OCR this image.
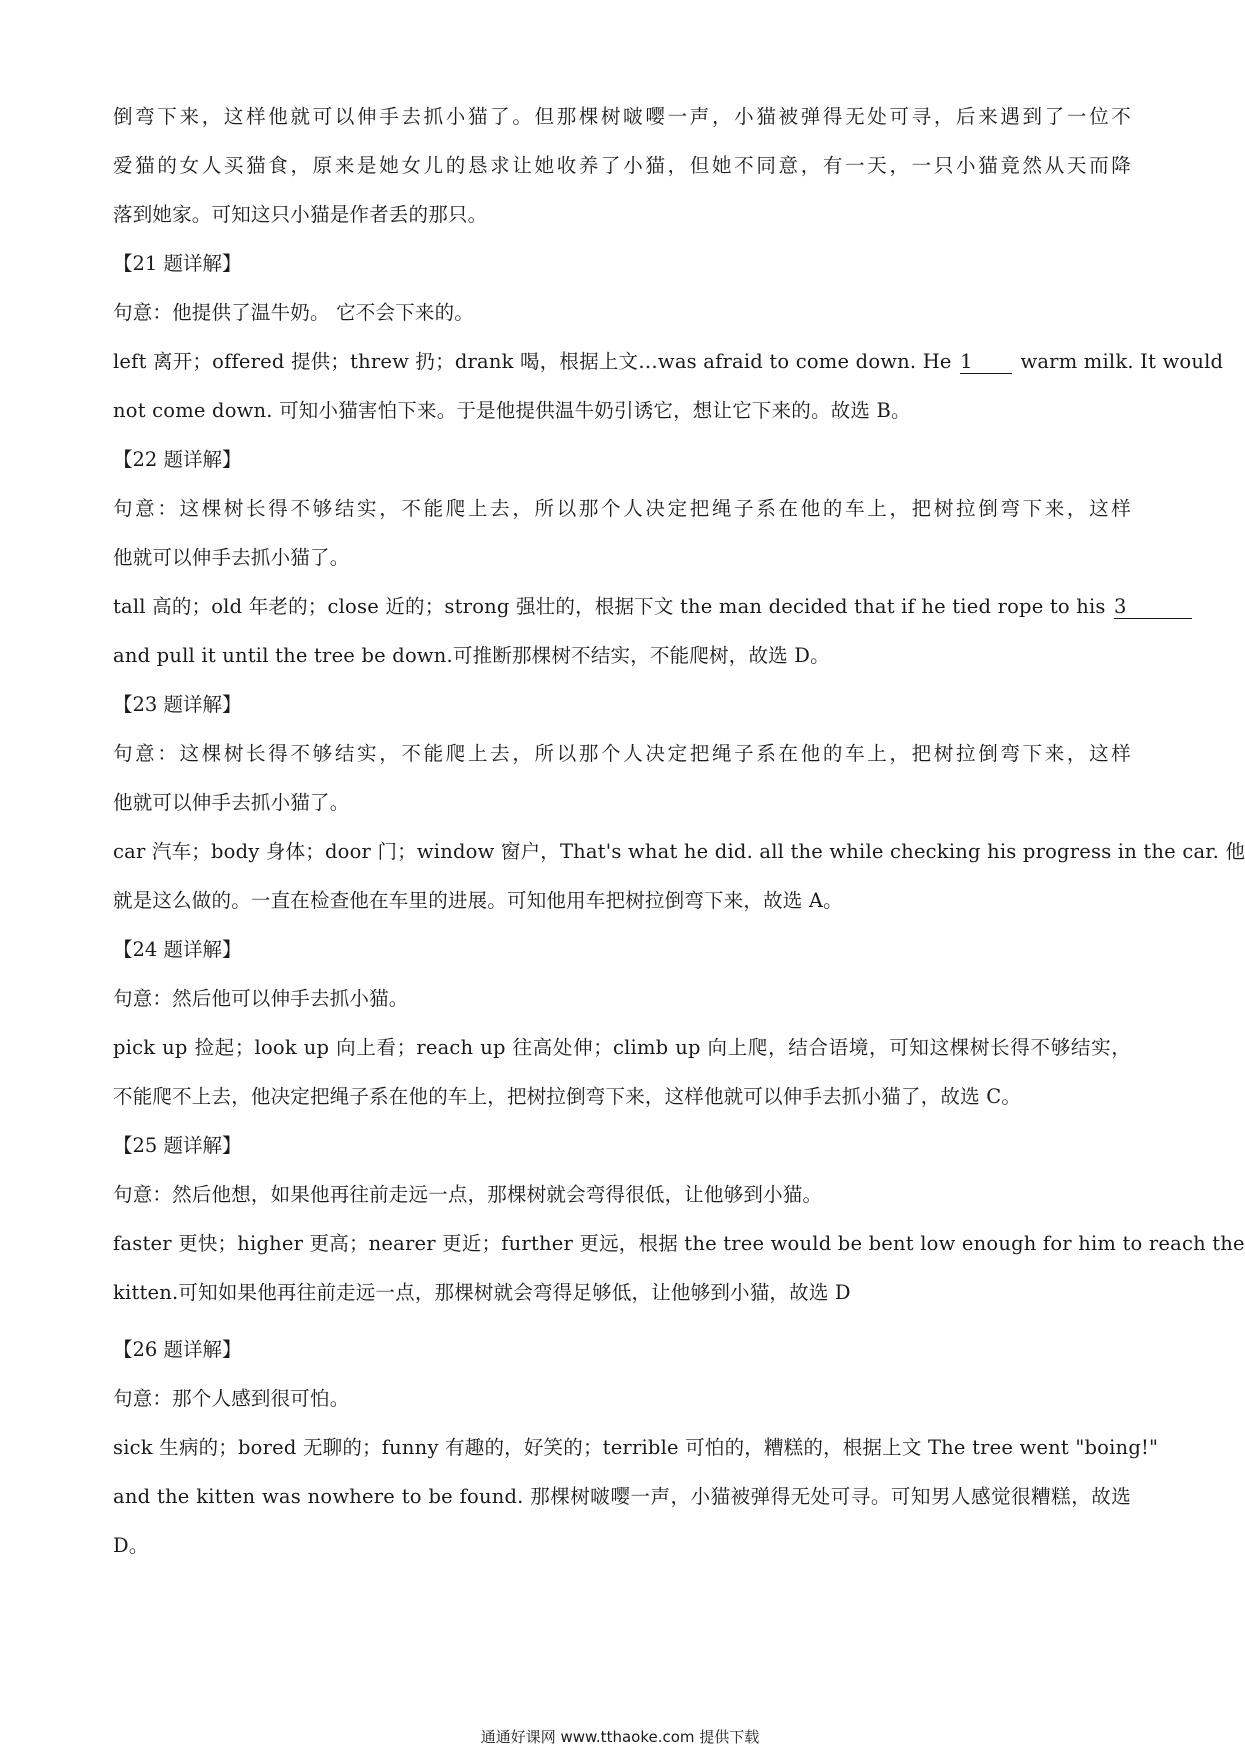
倒弯下来，这样他就可以伸手去抓小猫了。但那棵树啵嘤一声，小猫被弹得无处可寻，后来遇到了一位不
爱猫的女人买猫食，原来是她女儿的恳求让她收养了小猫，但她不同意，有一天，一只小猫竟然从天而降
落到她家。可知这只小猫是作者丢的那只。
【21 题详解】
句意：他提供了温牛奶。 它不会下来的。
left 离开；offered 提供；threw 扔；drank 喝，根据上文…was afraid to come down. He 1 warm milk. It would
not come down. 可知小猫害怕下来。于是他提供温牛奶引诱它，想让它下来的。故选 B。
【22 题详解】
句意：这棵树长得不够结实，不能爬上去，所以那个人决定把绳子系在他的车上，把树拉倒弯下来，这样
他就可以伸手去抓小猫了。
tall 高的；old 年老的；close 近的；strong 强壮的，根据下文 the man decided that if he tied rope to his 3
and pull it until the tree be down.可推断那棵树不结实，不能爬树，故选 D。
【23 题详解】
句意：这棵树长得不够结实，不能爬上去，所以那个人决定把绳子系在他的车上，把树拉倒弯下来，这样
他就可以伸手去抓小猫了。
car 汽车；body 身体；door 门；window 窗户，That's what he did. all the while checking his progress in the car. 他
就是这么做的。一直在检查他在车里的进展。可知他用车把树拉倒弯下来，故选 A。
【24 题详解】
句意：然后他可以伸手去抓小猫。
pick up 捡起；look up 向上看；reach up 往高处伸；climb up 向上爬，结合语境，可知这棵树长得不够结实，
不能爬不上去，他决定把绳子系在他的车上，把树拉倒弯下来，这样他就可以伸手去抓小猫了，故选 C。
【25 题详解】
句意：然后他想，如果他再往前走远一点，那棵树就会弯得很低，让他够到小猫。
faster 更快；higher 更高；nearer 更近；further 更远，根据 the tree would be bent low enough for him to reach the
kitten.可知如果他再往前走远一点，那棵树就会弯得足够低，让他够到小猫，故选 D
【26 题详解】
句意：那个人感到很可怕。
sick 生病的；bored 无聊的；funny 有趣的，好笑的；terrible 可怕的，糟糕的，根据上文 The tree went "boing!"
and the kitten was nowhere to be found. 那棵树啵嘤一声，小猫被弹得无处可寻。可知男人感觉很糟糕，故选
D。
通通好课网 www.tthaoke.com 提供下载
